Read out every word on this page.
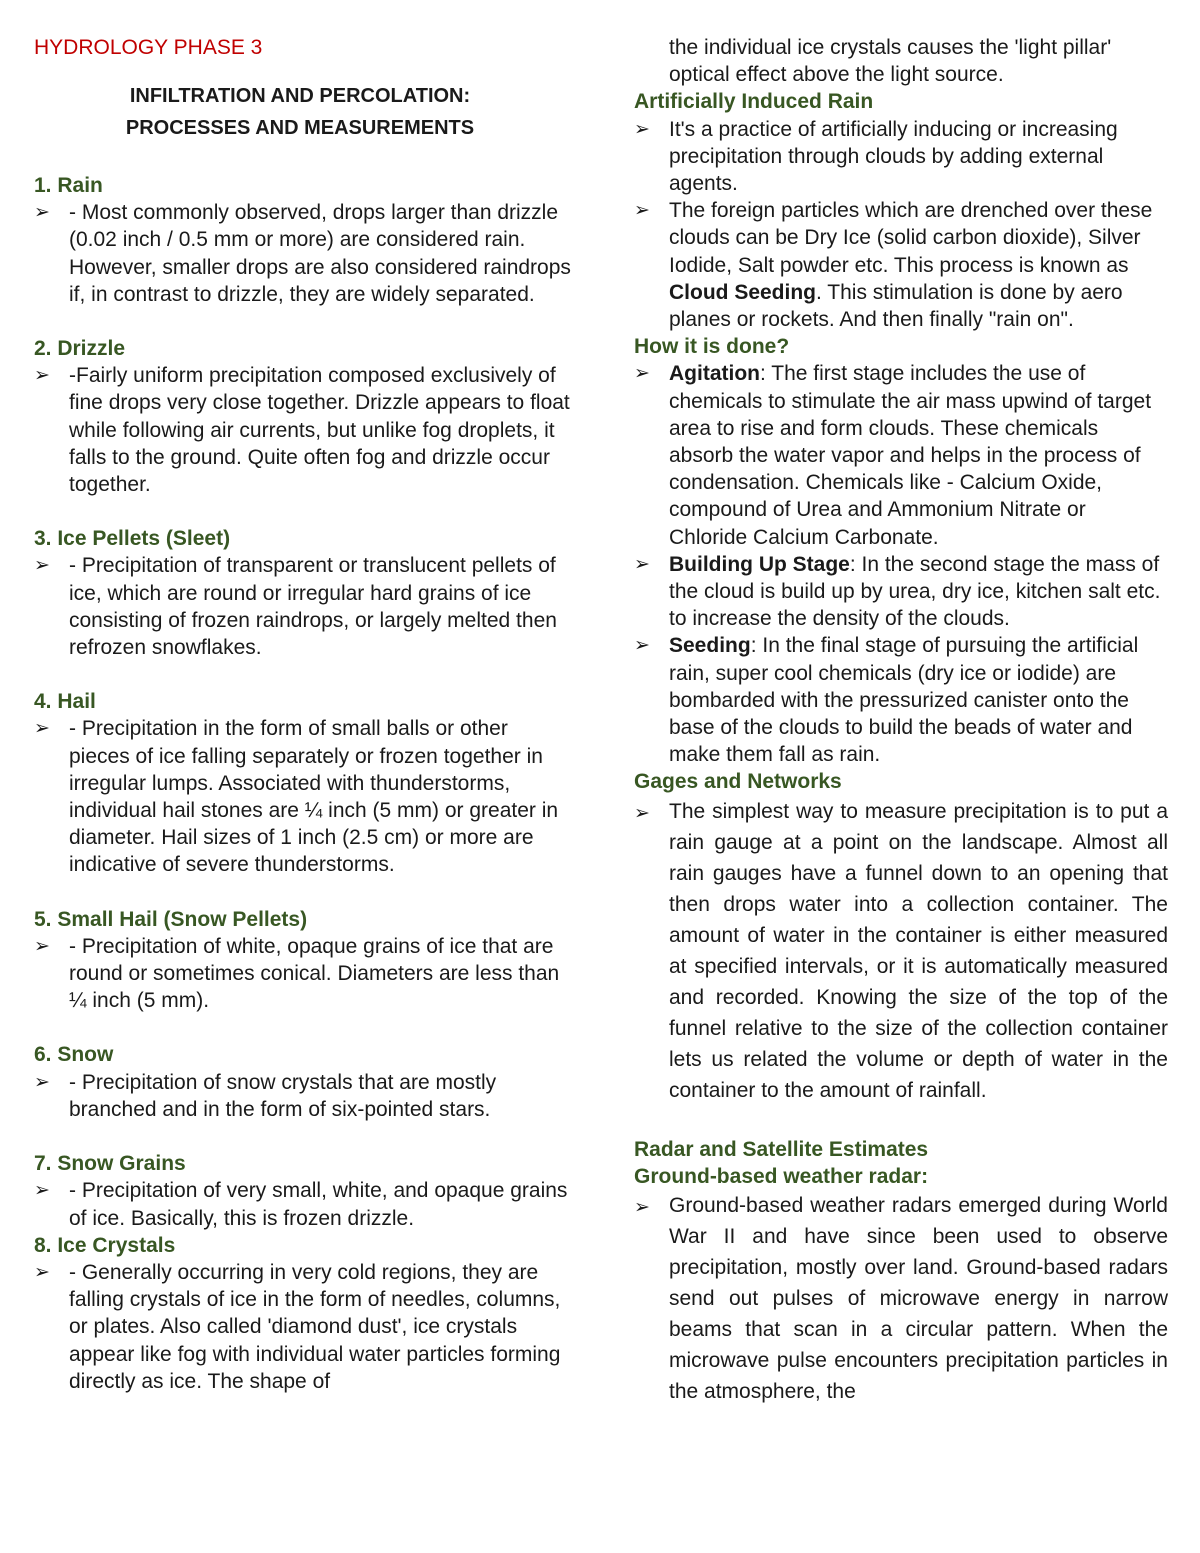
HYDROLOGY PHASE 3
INFILTRATION AND PERCOLATION:
PROCESSES AND MEASUREMENTS
1. Rain
➢ - Most commonly observed, drops larger than drizzle (0.02 inch / 0.5 mm or more) are considered rain. However, smaller drops are also considered raindrops if, in contrast to drizzle, they are widely separated.
2. Drizzle
➢ -Fairly uniform precipitation composed exclusively of fine drops very close together. Drizzle appears to float while following air currents, but unlike fog droplets, it falls to the ground. Quite often fog and drizzle occur together.
3. Ice Pellets (Sleet)
➢ - Precipitation of transparent or translucent pellets of ice, which are round or irregular hard grains of ice consisting of frozen raindrops, or largely melted then refrozen snowflakes.
4. Hail
➢ - Precipitation in the form of small balls or other pieces of ice falling separately or frozen together in irregular lumps. Associated with thunderstorms, individual hail stones are ¼ inch (5 mm) or greater in diameter. Hail sizes of 1 inch (2.5 cm) or more are indicative of severe thunderstorms.
5. Small Hail (Snow Pellets)
➢ - Precipitation of white, opaque grains of ice that are round or sometimes conical. Diameters are less than ¼ inch (5 mm).
6. Snow
➢ - Precipitation of snow crystals that are mostly branched and in the form of six-pointed stars.
7. Snow Grains
➢ - Precipitation of very small, white, and opaque grains of ice. Basically, this is frozen drizzle.
8. Ice Crystals
➢ - Generally occurring in very cold regions, they are falling crystals of ice in the form of needles, columns, or plates. Also called 'diamond dust', ice crystals appear like fog with individual water particles forming directly as ice. The shape of
the individual ice crystals causes the 'light pillar' optical effect above the light source.
Artificially Induced Rain
➢ It's a practice of artificially inducing or increasing precipitation through clouds by adding external agents.
➢ The foreign particles which are drenched over these clouds can be Dry Ice (solid carbon dioxide), Silver Iodide, Salt powder etc. This process is known as Cloud Seeding. This stimulation is done by aero planes or rockets. And then finally "rain on".
How it is done?
➢ Agitation: The first stage includes the use of chemicals to stimulate the air mass upwind of target area to rise and form clouds. These chemicals absorb the water vapor and helps in the process of condensation. Chemicals like - Calcium Oxide, compound of Urea and Ammonium Nitrate or Chloride Calcium Carbonate.
➢ Building Up Stage: In the second stage the mass of the cloud is build up by urea, dry ice, kitchen salt etc. to increase the density of the clouds.
➢ Seeding: In the final stage of pursuing the artificial rain, super cool chemicals (dry ice or iodide) are bombarded with the pressurized canister onto the base of the clouds to build the beads of water and make them fall as rain.
Gages and Networks
➢ The simplest way to measure precipitation is to put a rain gauge at a point on the landscape. Almost all rain gauges have a funnel down to an opening that then drops water into a collection container. The amount of water in the container is either measured at specified intervals, or it is automatically measured and recorded. Knowing the size of the top of the funnel relative to the size of the collection container lets us related the volume or depth of water in the container to the amount of rainfall.
Radar and Satellite Estimates
Ground-based weather radar:
➢ Ground-based weather radars emerged during World War II and have since been used to observe precipitation, mostly over land. Ground-based radars send out pulses of microwave energy in narrow beams that scan in a circular pattern. When the microwave pulse encounters precipitation particles in the atmosphere, the
